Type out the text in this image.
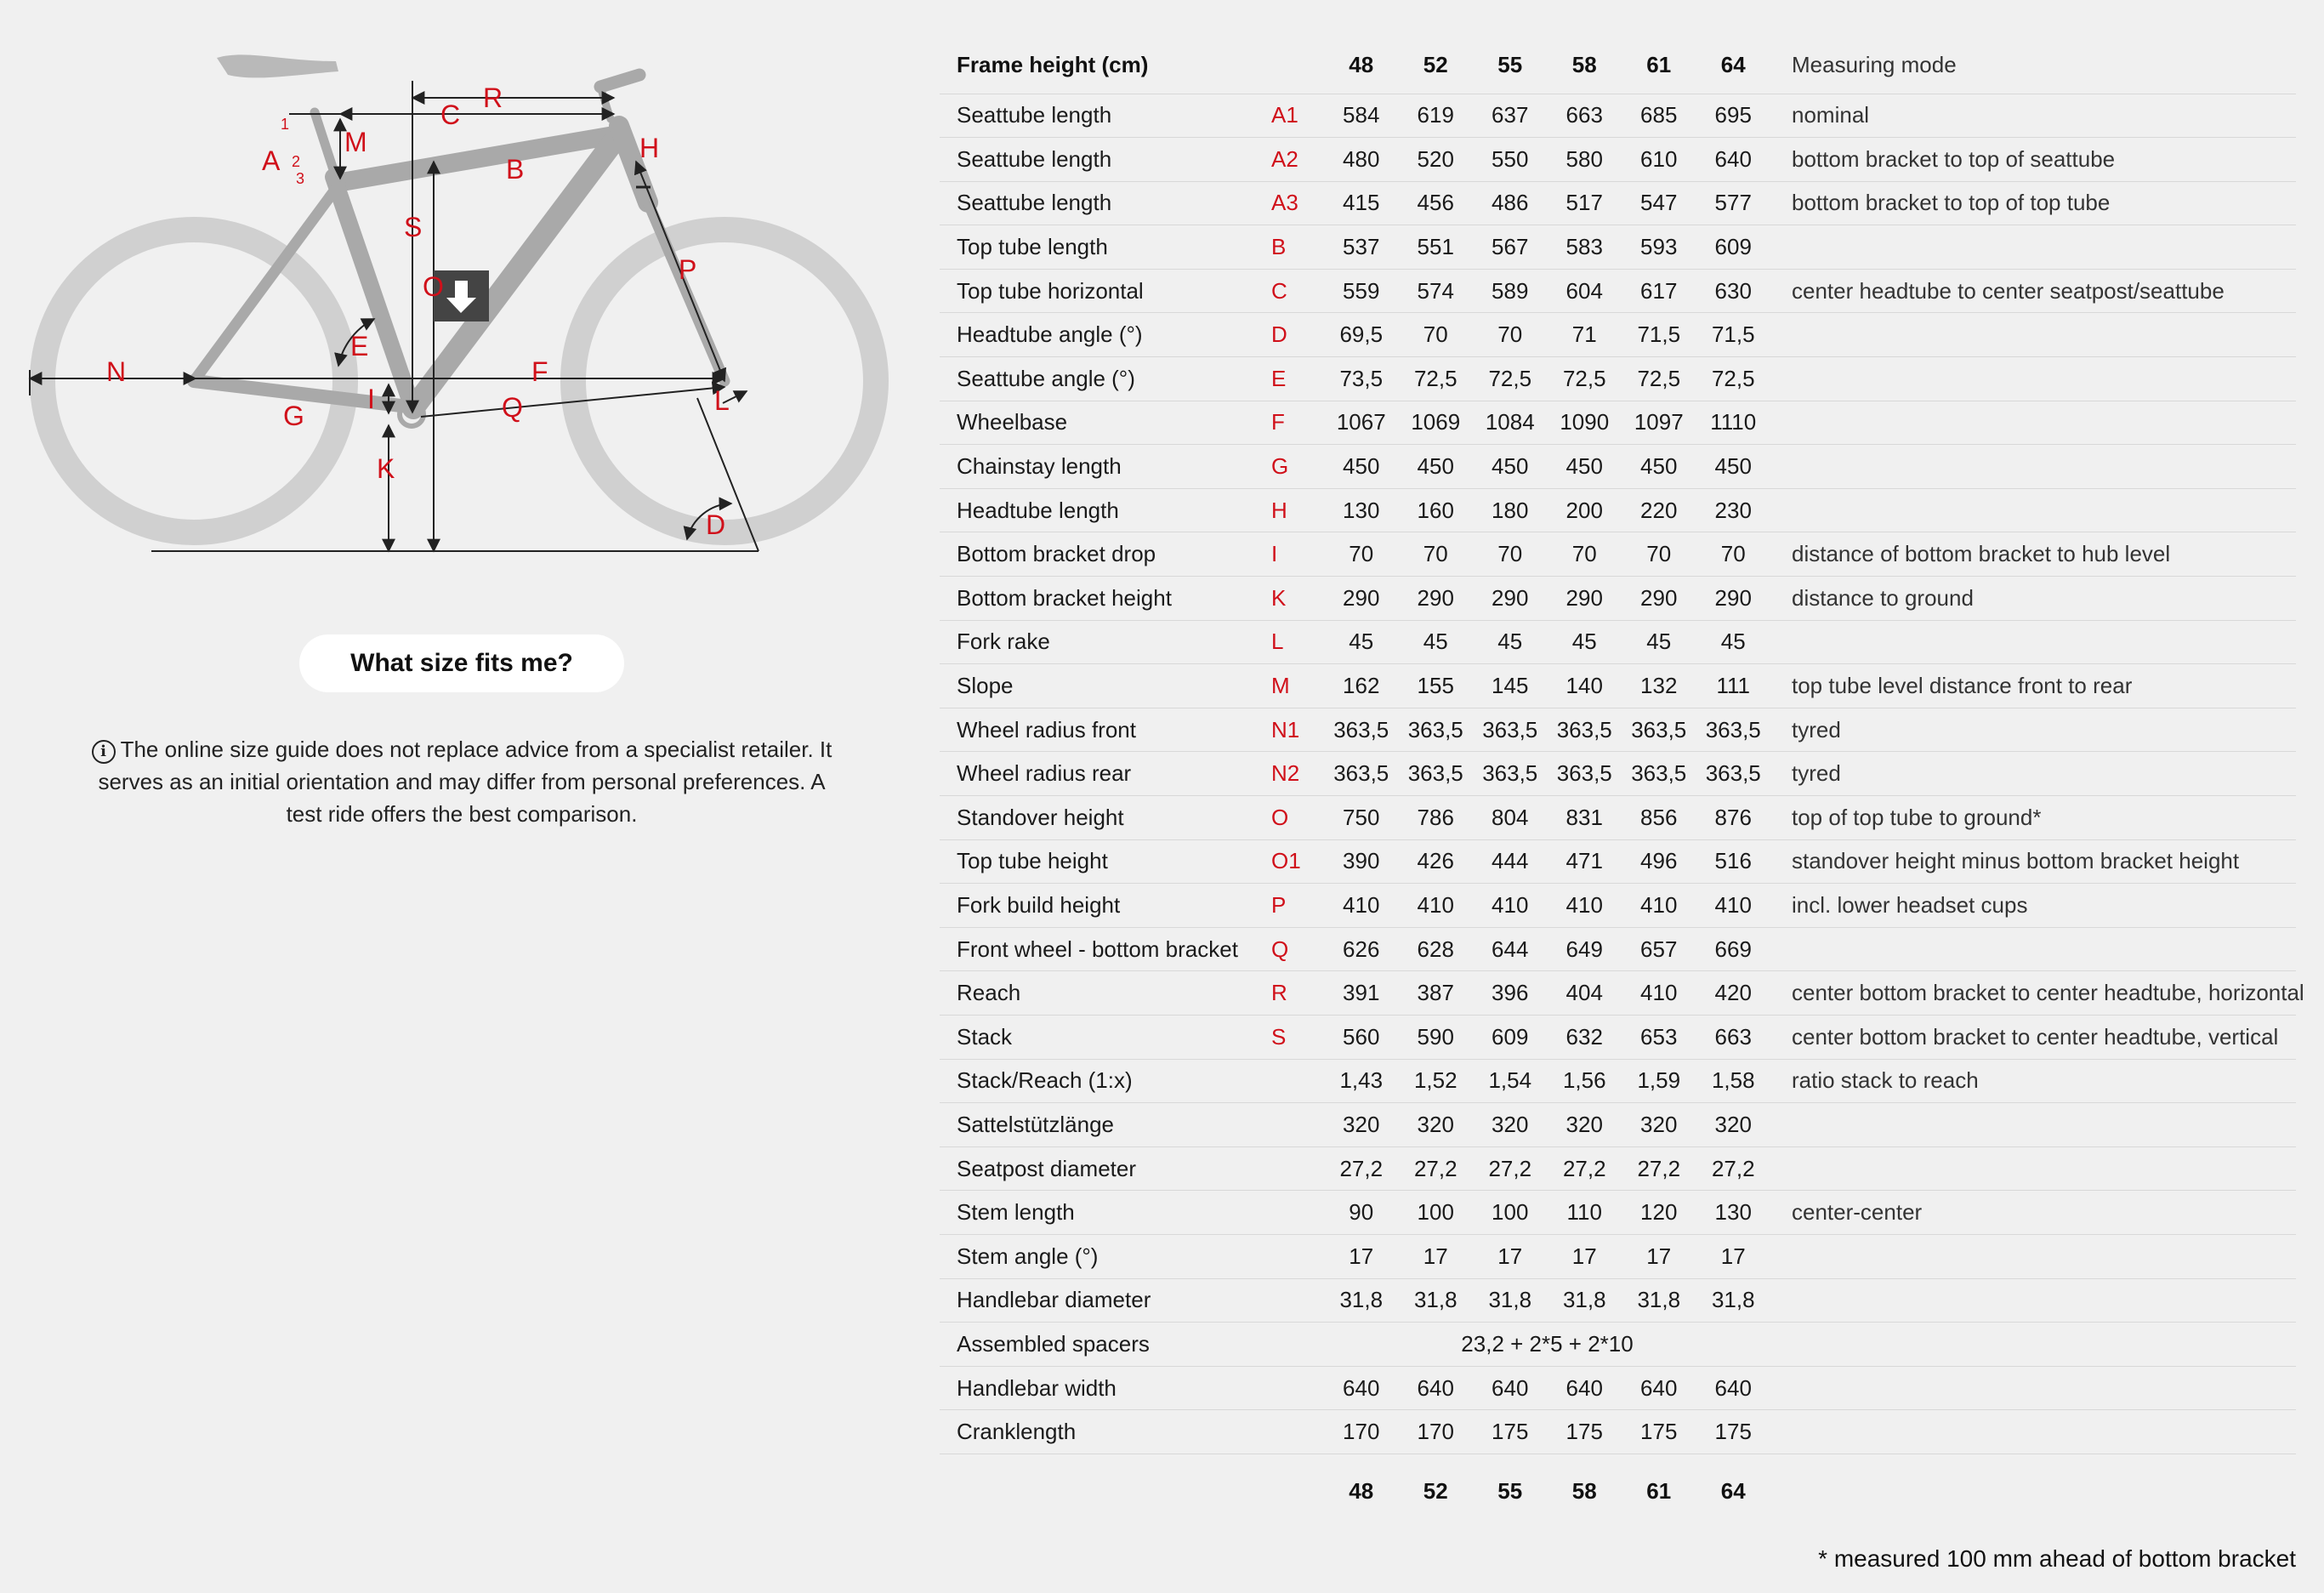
A
M
C
R
B
H
S
O
P
E
N	F
I	L
G	Q
K
D
1
2
3
What size fits me?
i The online size guide does not replace advice from a specialist retailer. It serves as an initial orientation and may differ from personal preferences. A test ride offers the best comparison.
Frame height (cm)		48	52	55	58	61	64	Measuring mode
Seattube length	A1	584	619	637	663	685	695	nominal
Seattube length	A2	480	520	550	580	610	640	bottom bracket to top of seattube
Seattube length	A3	415	456	486	517	547	577	bottom bracket to top of top tube
Top tube length	B	537	551	567	583	593	609	
Top tube horizontal	C	559	574	589	604	617	630	center headtube to center seatpost/seattube
Headtube angle (°)	D	69,5	70	70	71	71,5	71,5	
Seattube angle (°)	E	73,5	72,5	72,5	72,5	72,5	72,5	
Wheelbase	F	1067	1069	1084	1090	1097	1110	
Chainstay length	G	450	450	450	450	450	450	
Headtube length	H	130	160	180	200	220	230	
Bottom bracket drop	I	70	70	70	70	70	70	distance of bottom bracket to hub level
Bottom bracket height	K	290	290	290	290	290	290	distance to ground
Fork rake	L	45	45	45	45	45	45	
Slope	M	162	155	145	140	132	111	top tube level distance front to rear
Wheel radius front	N1	363,5	363,5	363,5	363,5	363,5	363,5	tyred
Wheel radius rear	N2	363,5	363,5	363,5	363,5	363,5	363,5	tyred
Standover height	O	750	786	804	831	856	876	top of top tube to ground*
Top tube height	O1	390	426	444	471	496	516	standover height minus bottom bracket height
Fork build height	P	410	410	410	410	410	410	incl. lower headset cups
Front wheel - bottom bracket	Q	626	628	644	649	657	669	
Reach	R	391	387	396	404	410	420	center bottom bracket to center headtube, horizontal
Stack	S	560	590	609	632	653	663	center bottom bracket to center headtube, vertical
Stack/Reach (1:x)		1,43	1,52	1,54	1,56	1,59	1,58	ratio stack to reach
Sattelstützlänge		320	320	320	320	320	320	
Seatpost diameter		27,2	27,2	27,2	27,2	27,2	27,2	
Stem length		90	100	100	110	120	130	center-center
Stem angle (°)		17	17	17	17	17	17	
Handlebar diameter		31,8	31,8	31,8	31,8	31,8	31,8	
Assembled spacers		23,2 + 2*5 + 2*10						
Handlebar width		640	640	640	640	640	640	
Cranklength		170	170	175	175	175	175	
		48	52	55	58	61	64	
* measured 100 mm ahead of bottom bracket
